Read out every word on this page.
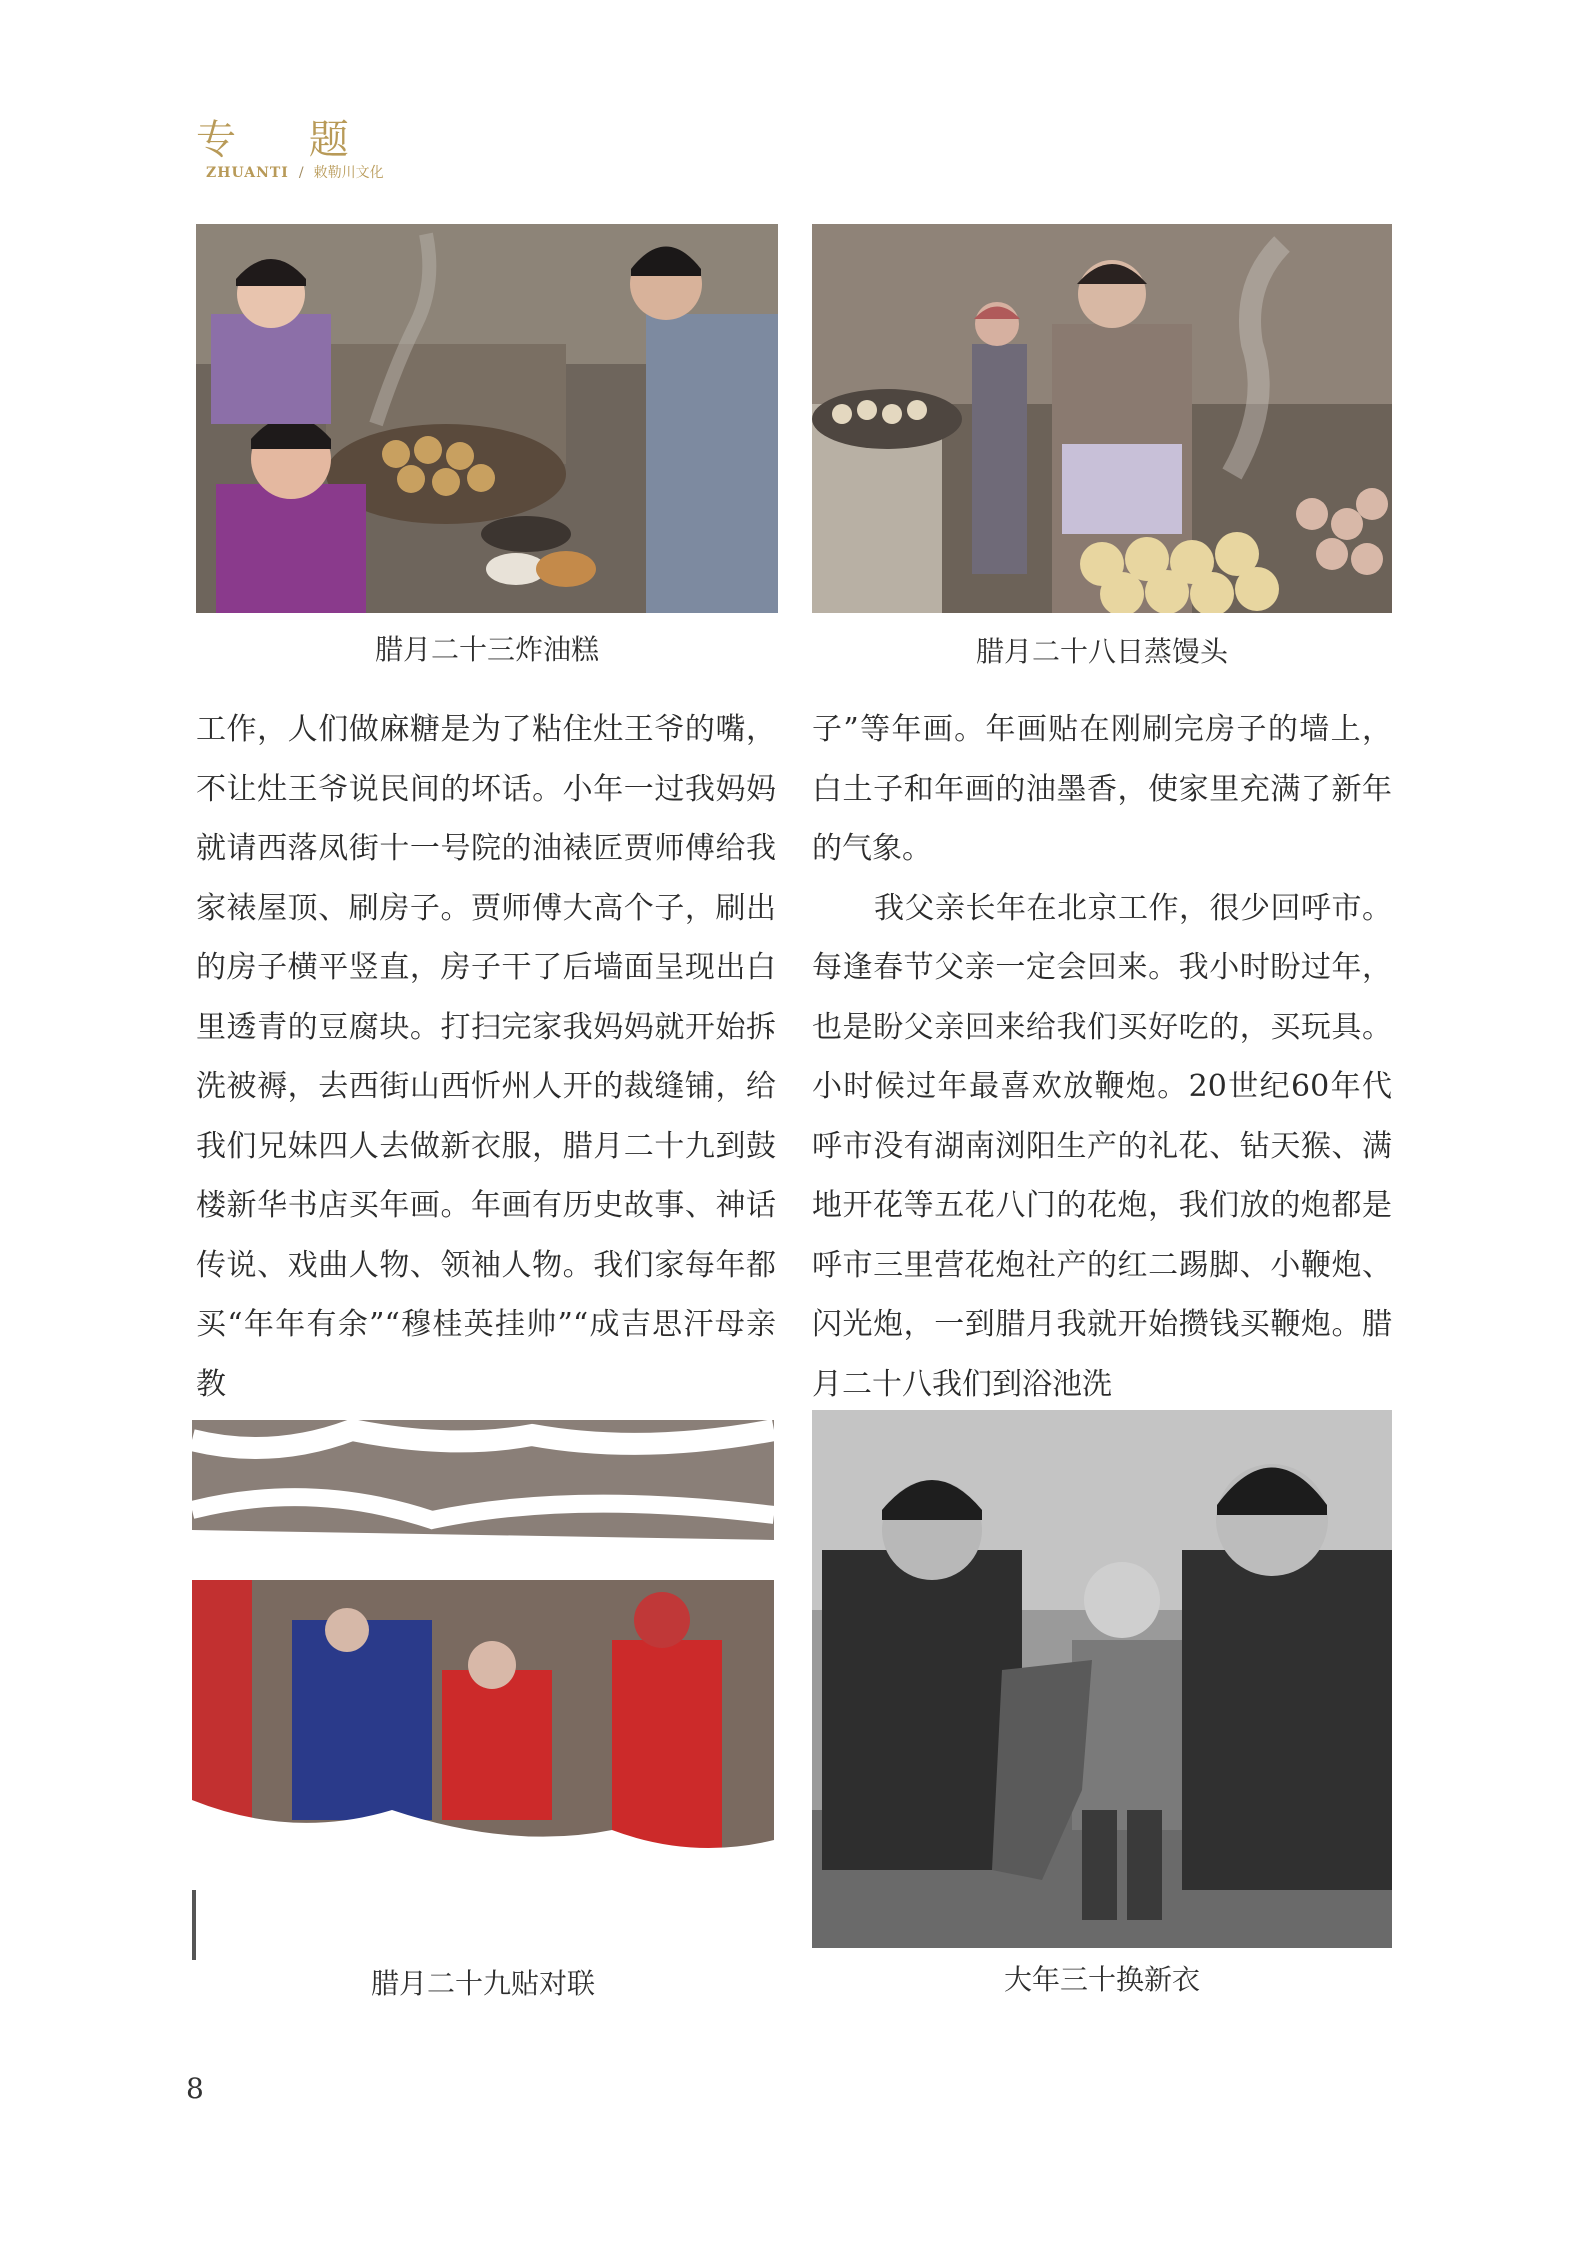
专 题
ZHUANTI / 敕勒川文化
腊月二十三炸油糕	腊月二十八日蒸馒头

工作，人们做麻糖是为了粘住灶王爷的嘴，不让灶王爷说民间的坏话。小年一过我妈妈就请西落凤街十一号院的油裱匠贾师傅给我家裱屋顶、刷房子。贾师傅大高个子，刷出的房子横平竖直，房子干了后墙面呈现出白里透青的豆腐块。打扫完家我妈妈就开始拆洗被褥，去西街山西忻州人开的裁缝铺，给我们兄妹四人去做新衣服，腊月二十九到鼓楼新华书店买年画。年画有历史故事、神话传说、戏曲人物、领袖人物。我们家每年都买“年年有余”“穆桂英挂帅”“成吉思汗母亲教

子”等年画。年画贴在刚刷完房子的墙上，白土子和年画的油墨香，使家里充满了新年的气象。

我父亲长年在北京工作，很少回呼市。每逢春节父亲一定会回来。我小时盼过年，也是盼父亲回来给我们买好吃的，买玩具。小时候过年最喜欢放鞭炮。20世纪60年代呼市没有湖南浏阳生产的礼花、钻天猴、满地开花等五花八门的花炮，我们放的炮都是呼市三里营花炮社产的红二踢脚、小鞭炮、闪光炮，一到腊月我就开始攒钱买鞭炮。腊月二十八我们到浴池洗

腊月二十九贴对联	大年三十换新衣
8
